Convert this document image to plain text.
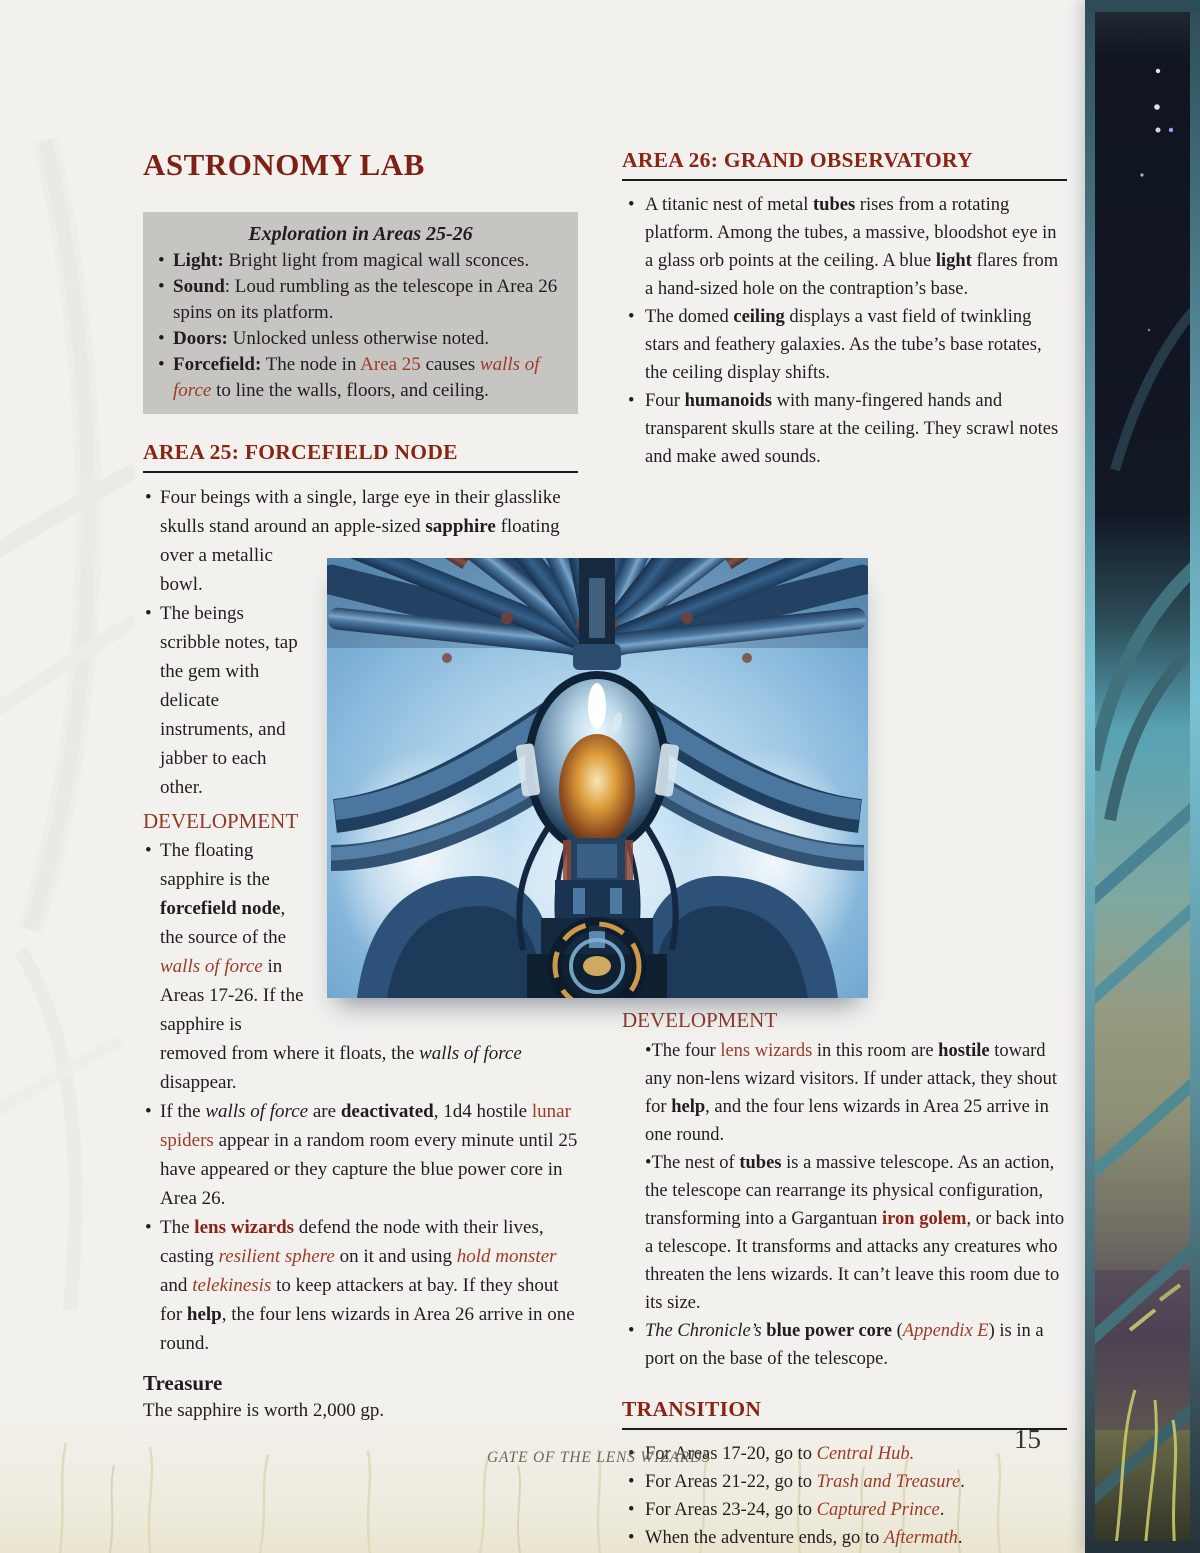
ASTRONOMY LAB
Exploration in Areas 25-26
• Light: Bright light from magical wall sconces.
• Sound: Loud rumbling as the telescope in Area 26 spins on its platform.
• Doors: Unlocked unless otherwise noted.
• Forcefield: The node in Area 25 causes walls of force to line the walls, floors, and ceiling.
AREA 25: FORCEFIELD NODE
• Four beings with a single, large eye in their glasslike skulls stand around an apple-sized
sapphire floating over a metallic bowl.
• The beings scribble notes, tap the gem with delicate instruments, and jabber to each other.
DEVELOPMENT
• The floating sapphire is the forcefield node, the source of the walls of force in Areas 17-26. If the sapphire is removed from where it floats, the walls of force disappear.
• If the walls of force are deactivated, 1d4 hostile lunar spiders appear in a random room every minute until 25 have appeared or they capture the blue power core in Area 26.
• The lens wizards defend the node with their lives, casting resilient sphere on it and using hold monster and telekinesis to keep attackers at bay. If they shout for help, the four lens wizards in Area 26 arrive in one round.
Treasure
The sapphire is worth 2,000 gp.
AREA 26: GRAND OBSERVATORY
• A titanic nest of metal tubes rises from a rotating platform. Among the tubes, a massive, bloodshot eye in a glass orb points at the ceiling. A blue light flares from a hand-sized hole on the contraption’s base.
• The domed ceiling displays a vast field of twinkling stars and feathery galaxies. As the tube’s base rotates, the ceiling display shifts.
• Four humanoids with many-fingered hands and transparent skulls stare at the ceiling. They scrawl notes and make awed sounds.
DEVELOPMENT
•The four lens wizards in this room are hostile toward any non-lens wizard visitors. If under attack, they shout for help, and the four lens wizards in Area 25 arrive in one round.
•The nest of tubes is a massive telescope. As an action, the telescope can rearrange its physical configuration, transforming into a Gargantuan iron golem, or back into a telescope. It transforms and attacks any creatures who threaten the lens wizards. It can’t leave this room due to its size.
• The Chronicle’s blue power core (Appendix E) is in a port on the base of the telescope.
TRANSITION
• For Areas 17-20, go to Central Hub.
• For Areas 21-22, go to Trash and Treasure.
• For Areas 23-24, go to Captured Prince.
• When the adventure ends, go to Aftermath.
GATE OF THE LENS WIZARDS
15
